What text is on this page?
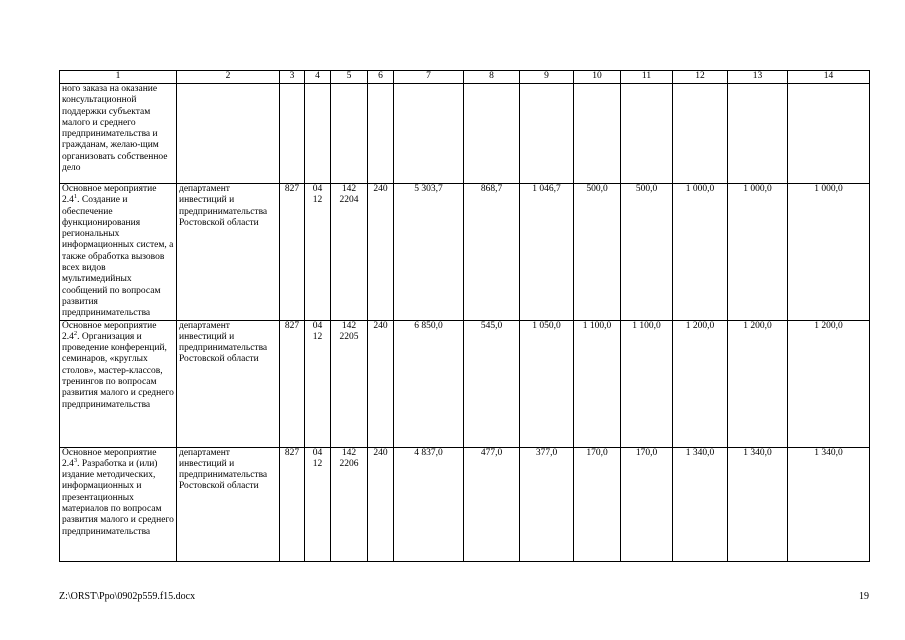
1	2	3	4	5	6	7	8	9	10	11	12	13	14
ного заказа на оказание консультационной поддержки субъектам малого и среднего предпринимательства и гражданам, желаю-щим организовать собственное дело													
Основное мероприятие $2.4^1$. Создание и обеспечение функционирования региональных информационных систем, а также обработка вызовов всех видов мультимедийных сообщений по вопросам развития предпринимательства	департамент инвестиций и предпринимательства Ростовской области	827	04 12	142 2204	240	5 303,7	868,7	1 046,7	500,0	500,0	1 000,0	1 000,0	1 000,0
Основное мероприятие $2.4^2$. Организация и проведение конференций, семинаров, «круглых столов», мастер-классов, тренингов по вопросам развития малого и среднего предпринимательства	департамент инвестиций и предпринимательства Ростовской области	827	04 12	142 2205	240	6 850,0	545,0	1 050,0	1 100,0	1 100,0	1 200,0	1 200,0	1 200,0
Основное мероприятие $2.4^3$. Разработка и (или) издание методических, информационных и презентационных материалов по вопросам развития малого и среднего предпринимательства	департамент инвестиций и предпринимательства Ростовской области	827	04 12	142 2206	240	4 837,0	477,0	377,0	170,0	170,0	1 340,0	1 340,0	1 340,0
Z:\ORST\Ppo\0902p559.f15.docx	19
